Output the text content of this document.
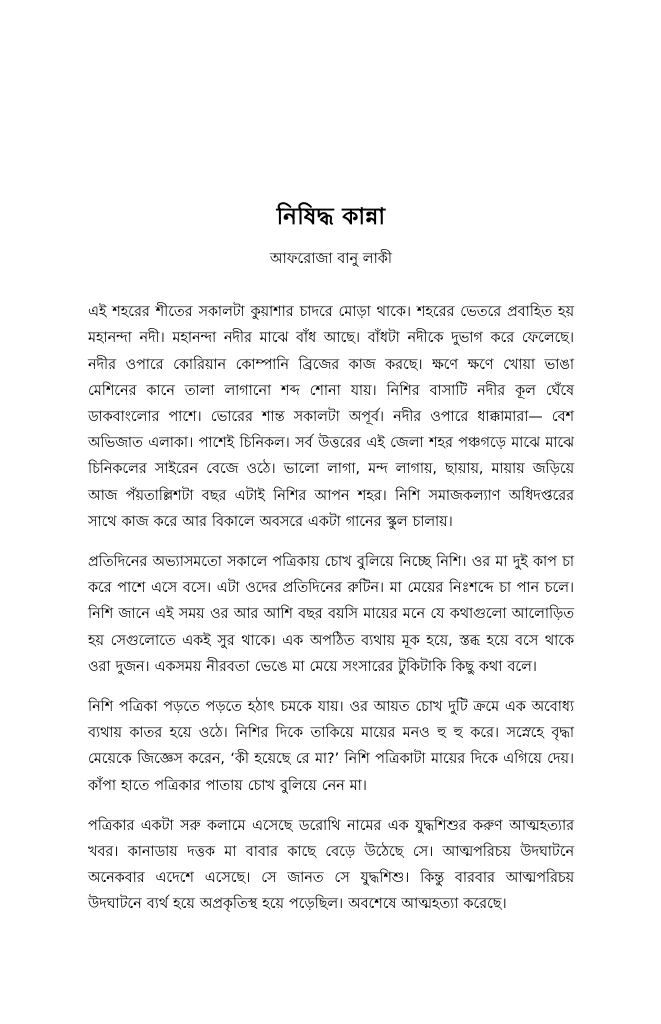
নিষিদ্ধ কান্না
আফরোজা বানু লাকী

এই শহরের শীতের সকালটা কুয়াশার চাদরে মোড়া থাকে। শহরের ভেতরে প্রবাহিত হয় মহানন্দা নদী। মহানন্দা নদীর মাঝে বাঁধ আছে। বাঁধটা নদীকে দুভাগ করে ফেলেছে। নদীর ওপারে কোরিয়ান কোম্পানি ব্রিজের কাজ করছে। ক্ষণে ক্ষণে খোয়া ভাঙা মেশিনের কানে তালা লাগানো শব্দ শোনা যায়। নিশির বাসাটি নদীর কূল ঘেঁষে ডাকবাংলোর পাশে। ভোরের শান্ত সকালটা অপূর্ব। নদীর ওপারে ধাক্কামারা— বেশ অভিজাত এলাকা। পাশেই চিনিকল। সর্ব উত্তরের এই জেলা শহর পঞ্চগড়ে মাঝে মাঝে চিনিকলের সাইরেন বেজে ওঠে। ভালো লাগা, মন্দ লাগায়, ছায়ায়, মায়ায় জড়িয়ে আজ পঁয়তাল্লিশটা বছর এটাই নিশির আপন শহর। নিশি সমাজকল্যাণ অধিদপ্তরের সাথে কাজ করে আর বিকালে অবসরে একটা গানের স্কুল চালায়।

প্রতিদিনের অভ্যাসমতো সকালে পত্রিকায় চোখ বুলিয়ে নিচ্ছে নিশি। ওর মা দুই কাপ চা করে পাশে এসে বসে। এটা ওদের প্রতিদিনের রুটিন। মা মেয়ের নিঃশব্দে চা পান চলে। নিশি জানে এই সময় ওর আর আশি বছর বয়সি মায়ের মনে যে কথাগুলো আলোড়িত হয় সেগুলোতে একই সুর থাকে। এক অপঠিত ব্যথায় মূক হয়ে, স্তব্ধ হয়ে বসে থাকে ওরা দুজন। একসময় নীরবতা ভেঙে মা মেয়ে সংসারের টুকিটাকি কিছু কথা বলে।

নিশি পত্রিকা পড়তে পড়তে হঠাৎ চমকে যায়। ওর আয়ত চোখ দুটি ক্রমে এক অবোধ্য ব্যথায় কাতর হয়ে ওঠে। নিশির দিকে তাকিয়ে মায়ের মনও হু হু করে। সস্নেহে বৃদ্ধা মেয়েকে জিজ্ঞেস করেন, ‘কী হয়েছে রে মা?’ নিশি পত্রিকাটা মায়ের দিকে এগিয়ে দেয়। কাঁপা হাতে পত্রিকার পাতায় চোখ বুলিয়ে নেন মা।

পত্রিকার একটা সরু কলামে এসেছে ডরোথি নামের এক যুদ্ধশিশুর করুণ আত্মহত্যার খবর। কানাডায় দত্তক মা বাবার কাছে বেড়ে উঠেছে সে। আত্মপরিচয় উদঘাটনে অনেকবার এদেশে এসেছে। সে জানত সে যুদ্ধশিশু। কিন্তু বারবার আত্মপরিচয় উদঘাটনে ব্যর্থ হয়ে অপ্রকৃতিস্থ হয়ে পড়েছিল। অবশেষে আত্মহত্যা করেছে।
